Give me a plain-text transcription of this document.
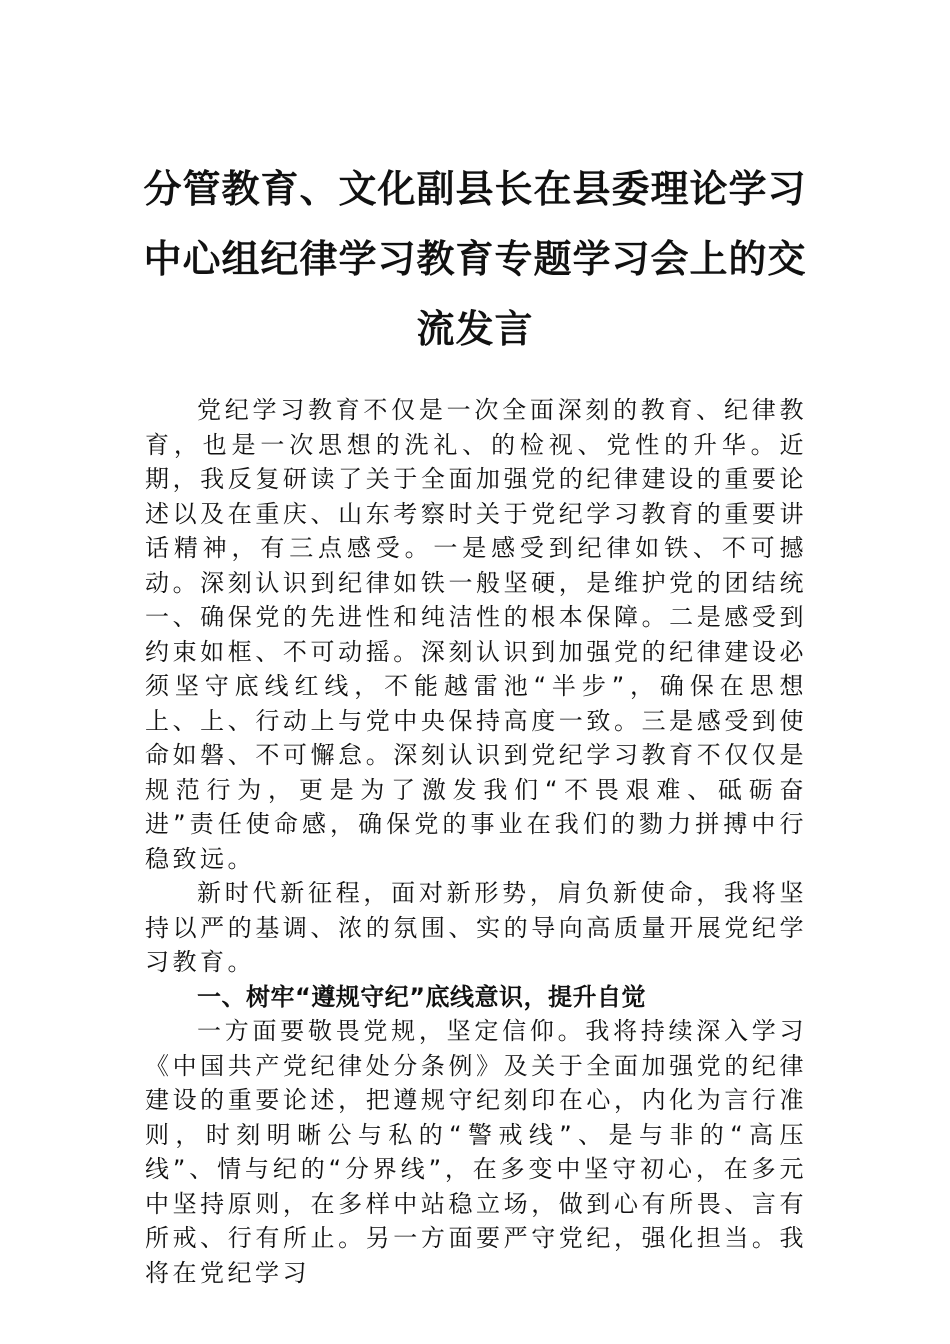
分管教育、文化副县长在县委理论学习中心组纪律学习教育专题学习会上的交流发言

党纪学习教育不仅是一次全面深刻的教育、纪律教育，也是一次思想的洗礼、的检视、党性的升华。近期，我反复研读了关于全面加强党的纪律建设的重要论述以及在重庆、山东考察时关于党纪学习教育的重要讲话精神，有三点感受。一是感受到纪律如铁、不可撼动。深刻认识到纪律如铁一般坚硬，是维护党的团结统一、确保党的先进性和纯洁性的根本保障。二是感受到约束如框、不可动摇。深刻认识到加强党的纪律建设必须坚守底线红线，不能越雷池“半步”，确保在思想上、上、行动上与党中央保持高度一致。三是感受到使命如磐、不可懈怠。深刻认识到党纪学习教育不仅仅是规范行为，更是为了激发我们“不畏艰难、砥砺奋进”责任使命感，确保党的事业在我们的勠力拼搏中行稳致远。

新时代新征程，面对新形势，肩负新使命，我将坚持以严的基调、浓的氛围、实的导向高质量开展党纪学习教育。

一、树牢“遵规守纪”底线意识，提升自觉

一方面要敬畏党规，坚定信仰。我将持续深入学习《中国共产党纪律处分条例》及关于全面加强党的纪律建设的重要论述，把遵规守纪刻印在心，内化为言行准则，时刻明晰公与私的“警戒线”、是与非的“高压线”、情与纪的“分界线”，在多变中坚守初心，在多元中坚持原则，在多样中站稳立场，做到心有所畏、言有所戒、行有所止。另一方面要严守党纪，强化担当。我将在党纪学习
